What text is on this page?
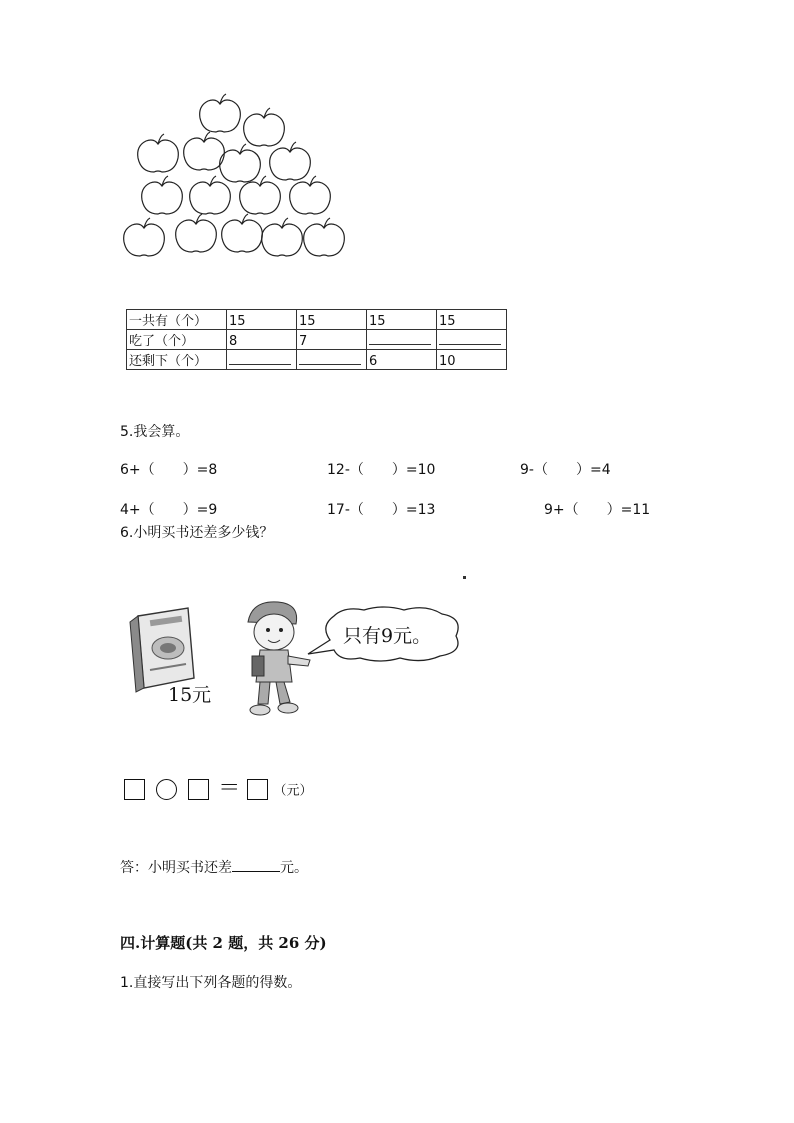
一共有（个）	15	15	15	15
吃了（个）	8	7		
还剩下（个）			6	10
5.我会算。
6+（　　）=8	12-（　　）=10	9-（　　）=4
4+（　　）=9	17-（　　）=13	9+（　　）=11
6.小明买书还差多少钱？
15元
只有9元。
＝	（元）
答：小明买书还差	元。
四.计算题(共 2 题，共 26 分)
1.直接写出下列各题的得数。
